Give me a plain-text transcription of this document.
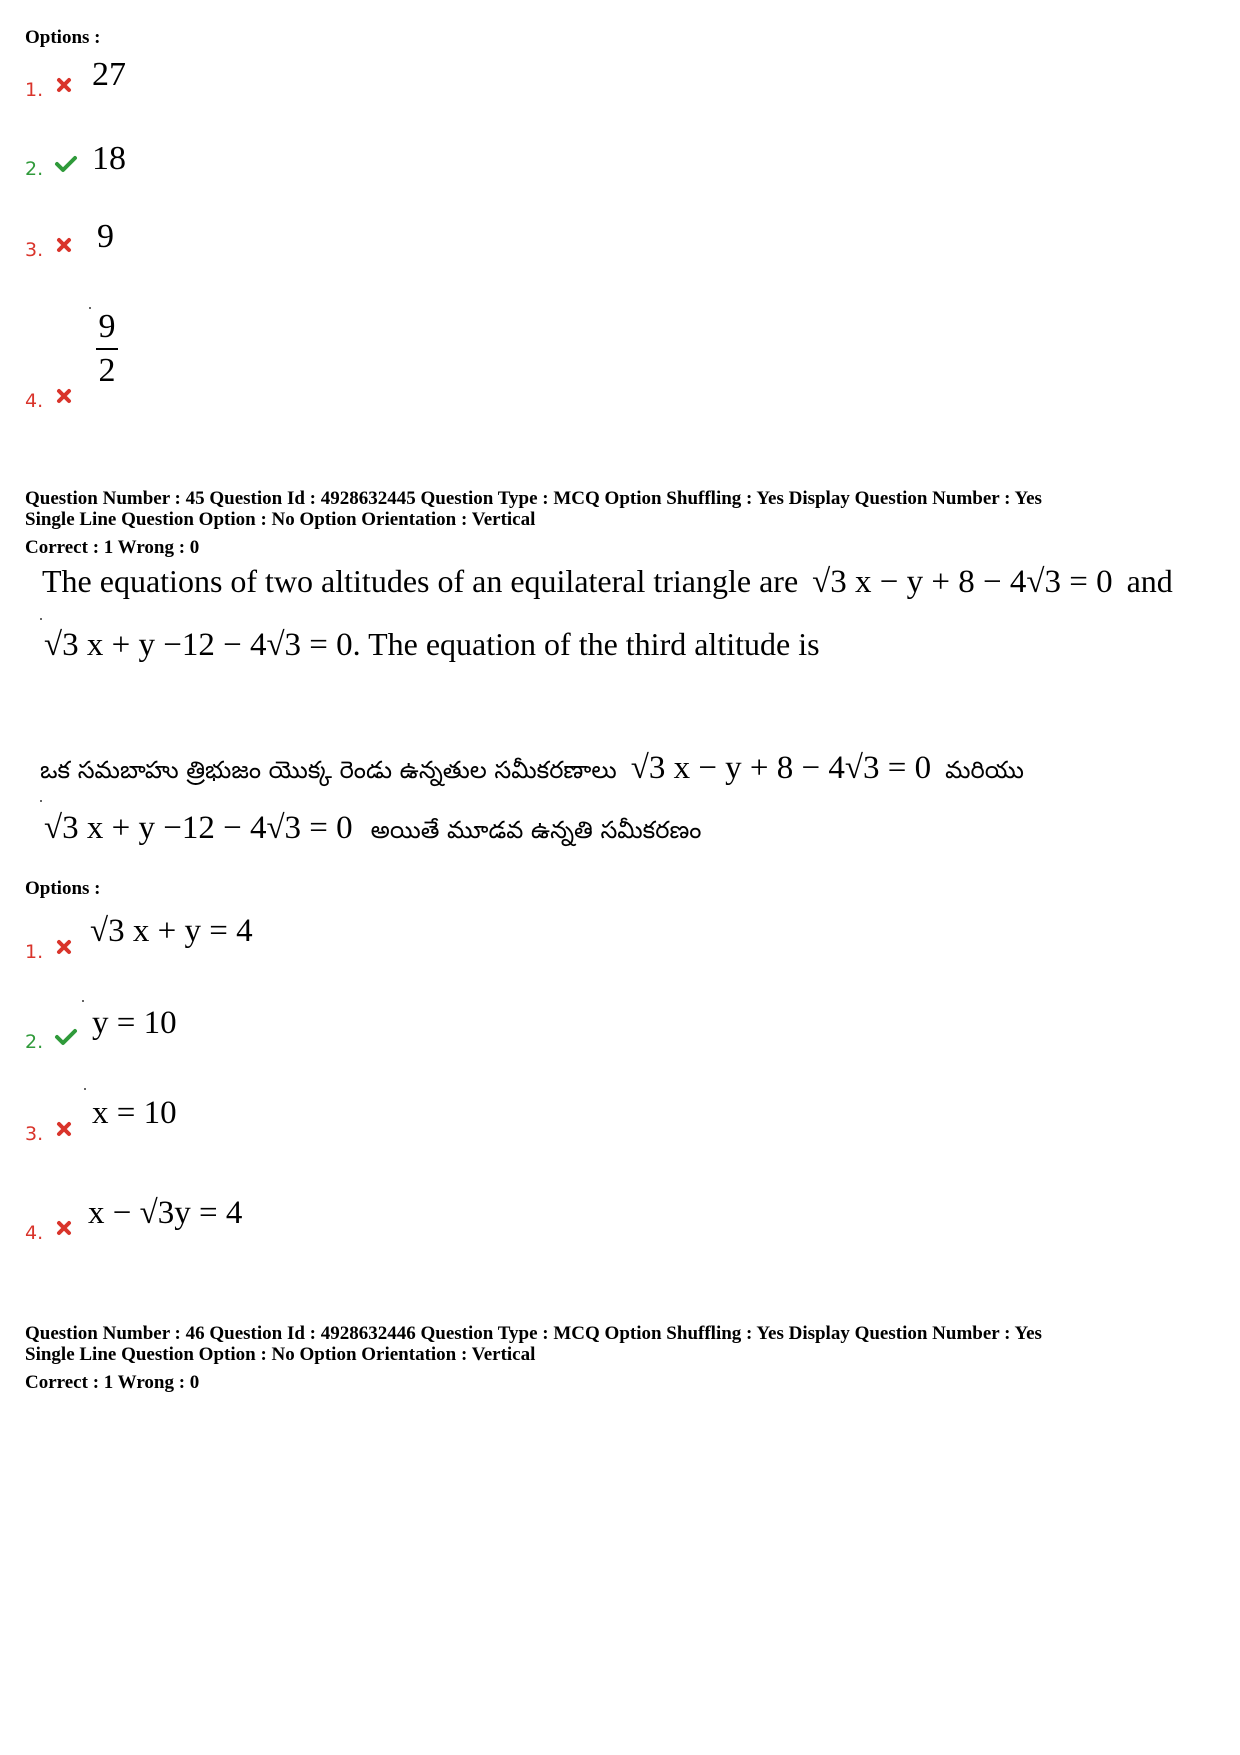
Options :
1. 27
2. 18
3. 9
4.
9
2
Question Number : 45 Question Id : 4928632445 Question Type : MCQ Option Shuffling : Yes Display Question Number : Yes
Single Line Question Option : No Option Orientation : Vertical
Correct : 1 Wrong : 0
The equations of two altitudes of an equilateral triangle are √3 x − y + 8 − 4√3 = 0 and
√3 x + y −12 − 4√3 = 0. The equation of the third altitude is
ఒక సమబాహు త్రిభుజం యొక్క రెండు ఉన్నతుల సమీకరణాలు √3 x − y + 8 − 4√3 = 0 మరియు
√3 x + y −12 − 4√3 = 0 అయితే మూడవ ఉన్నతి సమీకరణం
Options :
1.
√3 x + y = 4
2.
y = 10
3.
x = 10
4.
x − √3y = 4
Question Number : 46 Question Id : 4928632446 Question Type : MCQ Option Shuffling : Yes Display Question Number : Yes
Single Line Question Option : No Option Orientation : Vertical
Correct : 1 Wrong : 0
